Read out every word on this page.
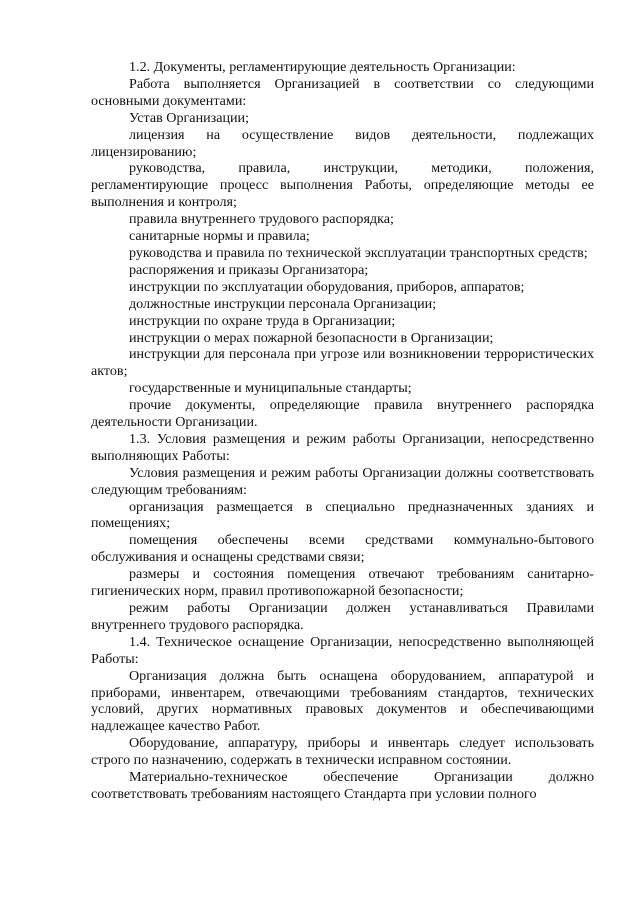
1.2. Документы, регламентирующие деятельность Организации:

Работа выполняется Организацией в соответствии со следующими основными документами:

Устав Организации;

лицензия на осуществление видов деятельности, подлежащих лицензированию;

руководства, правила, инструкции, методики, положения, регламентирующие процесс выполнения Работы, определяющие методы ее выполнения и контроля;

правила внутреннего трудового распорядка;

санитарные нормы и правила;

руководства и правила по технической эксплуатации транспортных средств;

распоряжения и приказы Организатора;

инструкции по эксплуатации оборудования, приборов, аппаратов;

должностные инструкции персонала Организации;

инструкции по охране труда в Организации;

инструкции о мерах пожарной безопасности в Организации;

инструкции для персонала при угрозе или возникновении террористических актов;

государственные и муниципальные стандарты;

прочие документы, определяющие правила внутреннего распорядка деятельности Организации.

1.3. Условия размещения и режим работы Организации, непосредственно выполняющих Работы:

Условия размещения и режим работы Организации должны соответствовать следующим требованиям:

организация размещается в специально предназначенных зданиях и помещениях;

помещения обеспечены всеми средствами коммунально-бытового обслуживания и оснащены средствами связи;

размеры и состояния помещения отвечают требованиям санитарно-гигиенических норм, правил противопожарной безопасности;

режим работы Организации должен устанавливаться Правилами внутреннего трудового распорядка.

1.4. Техническое оснащение Организации, непосредственно выполняющей Работы:

Организация должна быть оснащена оборудованием, аппаратурой и приборами, инвентарем, отвечающими требованиям стандартов, технических условий, других нормативных правовых документов и обеспечивающими надлежащее качество Работ.

Оборудование, аппаратуру, приборы и инвентарь следует использовать строго по назначению, содержать в технически исправном состоянии.

Материально-техническое обеспечение Организации должно соответствовать требованиям настоящего Стандарта при условии полного
